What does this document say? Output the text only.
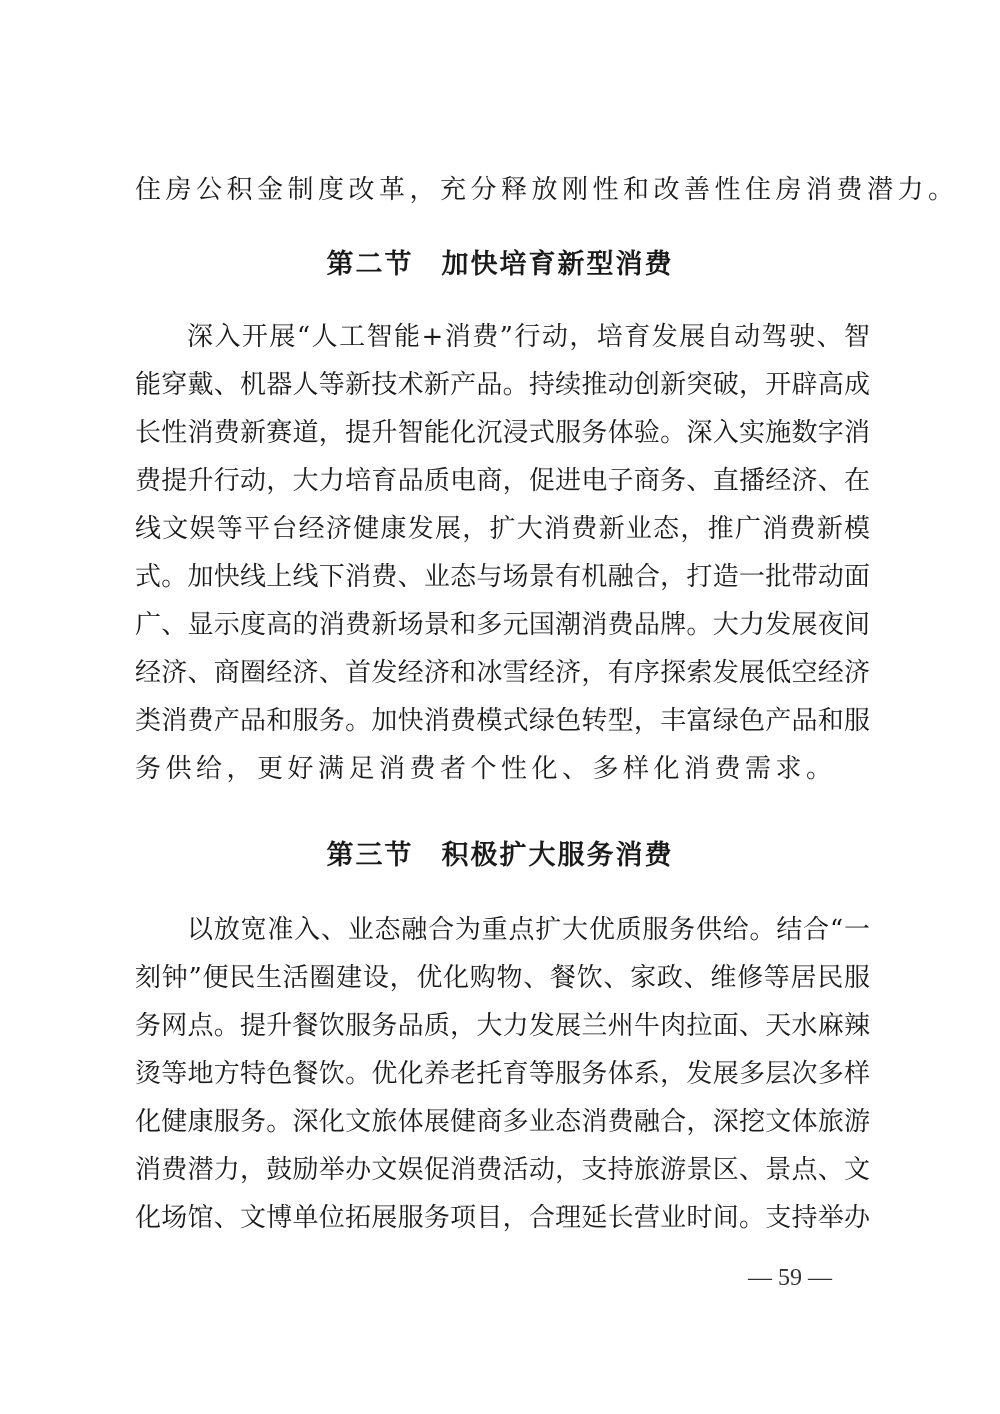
住房公积金制度改革，充分释放刚性和改善性住房消费潜力。
第二节 加快培育新型消费
深入开展“人工智能+消费”行动，培育发展自动驾驶、智
能穿戴、机器人等新技术新产品。持续推动创新突破，开辟高成
长性消费新赛道，提升智能化沉浸式服务体验。深入实施数字消
费提升行动，大力培育品质电商，促进电子商务、直播经济、在
线文娱等平台经济健康发展，扩大消费新业态，推广消费新模
式。加快线上线下消费、业态与场景有机融合，打造一批带动面
广、显示度高的消费新场景和多元国潮消费品牌。大力发展夜间
经济、商圈经济、首发经济和冰雪经济，有序探索发展低空经济
类消费产品和服务。加快消费模式绿色转型，丰富绿色产品和服
务供给，更好满足消费者个性化、多样化消费需求。
第三节 积极扩大服务消费
以放宽准入、业态融合为重点扩大优质服务供给。结合“一
刻钟”便民生活圈建设，优化购物、餐饮、家政、维修等居民服
务网点。提升餐饮服务品质，大力发展兰州牛肉拉面、天水麻辣
烫等地方特色餐饮。优化养老托育等服务体系，发展多层次多样
化健康服务。深化文旅体展健商多业态消费融合，深挖文体旅游
消费潜力，鼓励举办文娱促消费活动，支持旅游景区、景点、文
化场馆、文博单位拓展服务项目，合理延长营业时间。支持举办
— 59 —
